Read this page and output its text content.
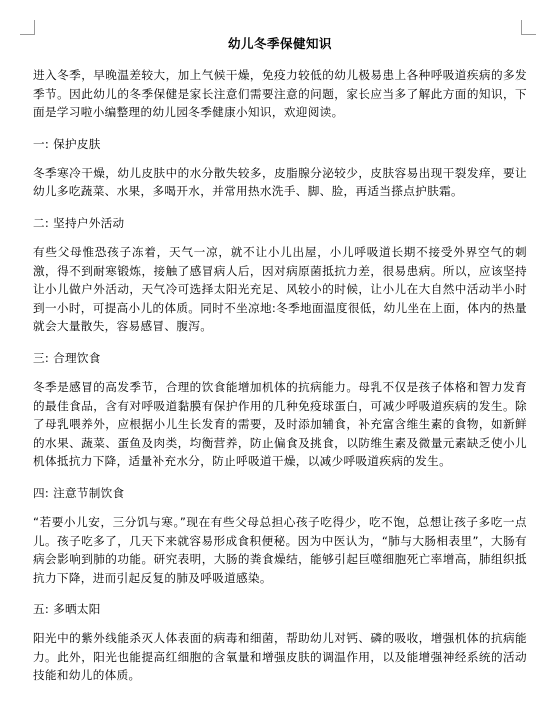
幼儿冬季保健知识

进入冬季，早晚温差较大，加上气候干燥，免疫力较低的幼儿极易患上各种呼吸道疾病的多发季节。因此幼儿的冬季保健是家长注意们需要注意的问题，家长应当多了解此方面的知识，下面是学习啦小编整理的幼儿园冬季健康小知识，欢迎阅读。

一: 保护皮肤

冬季寒冷干燥，幼儿皮肤中的水分散失较多，皮脂腺分泌较少，皮肤容易出现干裂发痒，要让幼儿多吃蔬菜、水果，多喝开水，并常用热水洗手、脚、脸，再适当搽点护肤霜。

二: 坚持户外活动

有些父母惟恐孩子冻着，天气一凉，就不让小儿出屋，小儿呼吸道长期不接受外界空气的刺激，得不到耐寒锻炼，接触了感冒病人后，因对病原菌抵抗力差，很易患病。所以，应该坚持让小儿做户外活动，天气冷可选择太阳光充足、风较小的时候，让小儿在大自然中活动半小时到一小时，可提高小儿的体质。同时不坐凉地:冬季地面温度很低，幼儿坐在上面，体内的热量就会大量散失，容易感冒、腹泻。

三: 合理饮食

冬季是感冒的高发季节，合理的饮食能增加机体的抗病能力。母乳不仅是孩子体格和智力发育的最佳食品，含有对呼吸道黏膜有保护作用的几种免疫球蛋白，可减少呼吸道疾病的发生。除了母乳喂养外，应根据小儿生长发育的需要，及时添加辅食，补充富含维生素的食物，如新鲜的水果、蔬菜、蛋鱼及肉类，均衡营养，防止偏食及挑食，以防维生素及微量元素缺乏使小儿机体抵抗力下降，适量补充水分，防止呼吸道干燥，以减少呼吸道疾病的发生。

四: 注意节制饮食

“若要小儿安，三分饥与寒。”现在有些父母总担心孩子吃得少，吃不饱，总想让孩子多吃一点儿。孩子吃多了，几天下来就容易形成食积便秘。因为中医认为，“肺与大肠相表里”，大肠有病会影响到肺的功能。研究表明，大肠的粪食燥结，能够引起巨噬细胞死亡率增高，肺组织抵抗力下降，进而引起反复的肺及呼吸道感染。

五: 多晒太阳

阳光中的紫外线能杀灭人体表面的病毒和细菌，帮助幼儿对钙、磷的吸收，增强机体的抗病能力。此外，阳光也能提高红细胞的含氧量和增强皮肤的调温作用，以及能增强神经系统的活动技能和幼儿的体质。
